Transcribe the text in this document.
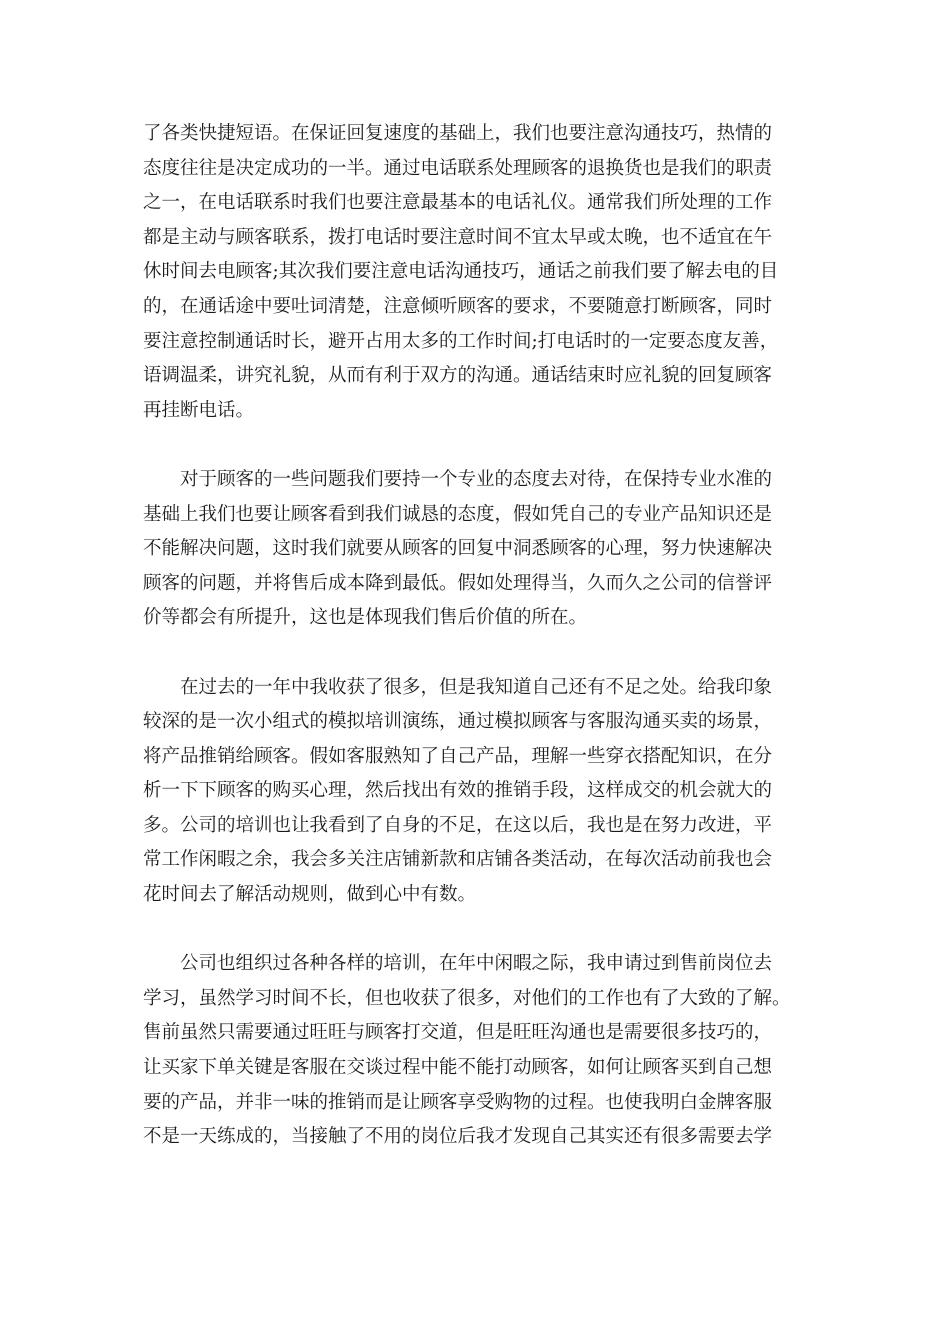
了各类快捷短语。在保证回复速度的基础上，我们也要注意沟通技巧，热情的
态度往往是决定成功的一半。通过电话联系处理顾客的退换货也是我们的职责
之一，在电话联系时我们也要注意最基本的电话礼仪。通常我们所处理的工作
都是主动与顾客联系，拨打电话时要注意时间不宜太早或太晚，也不适宜在午
休时间去电顾客;其次我们要注意电话沟通技巧，通话之前我们要了解去电的目
的，在通话途中要吐词清楚，注意倾听顾客的要求，不要随意打断顾客，同时
要注意控制通话时长，避开占用太多的工作时间;打电话时的一定要态度友善，
语调温柔，讲究礼貌，从而有利于双方的沟通。通话结束时应礼貌的回复顾客
再挂断电话。
　　对于顾客的一些问题我们要持一个专业的态度去对待，在保持专业水准的
基础上我们也要让顾客看到我们诚恳的态度，假如凭自己的专业产品知识还是
不能解决问题，这时我们就要从顾客的回复中洞悉顾客的心理，努力快速解决
顾客的问题，并将售后成本降到最低。假如处理得当，久而久之公司的信誉评
价等都会有所提升，这也是体现我们售后价值的所在。
　　在过去的一年中我收获了很多，但是我知道自己还有不足之处。给我印象
较深的是一次小组式的模拟培训演练，通过模拟顾客与客服沟通买卖的场景，
将产品推销给顾客。假如客服熟知了自己产品，理解一些穿衣搭配知识，在分
析一下下顾客的购买心理，然后找出有效的推销手段，这样成交的机会就大的
多。公司的培训也让我看到了自身的不足，在这以后，我也是在努力改进，平
常工作闲暇之余，我会多关注店铺新款和店铺各类活动，在每次活动前我也会
花时间去了解活动规则，做到心中有数。
　　公司也组织过各种各样的培训，在年中闲暇之际，我申请过到售前岗位去
学习，虽然学习时间不长，但也收获了很多，对他们的工作也有了大致的了解。
售前虽然只需要通过旺旺与顾客打交道，但是旺旺沟通也是需要很多技巧的，
让买家下单关键是客服在交谈过程中能不能打动顾客，如何让顾客买到自己想
要的产品，并非一味的推销而是让顾客享受购物的过程。也使我明白金牌客服
不是一天练成的，当接触了不用的岗位后我才发现自己其实还有很多需要去学
